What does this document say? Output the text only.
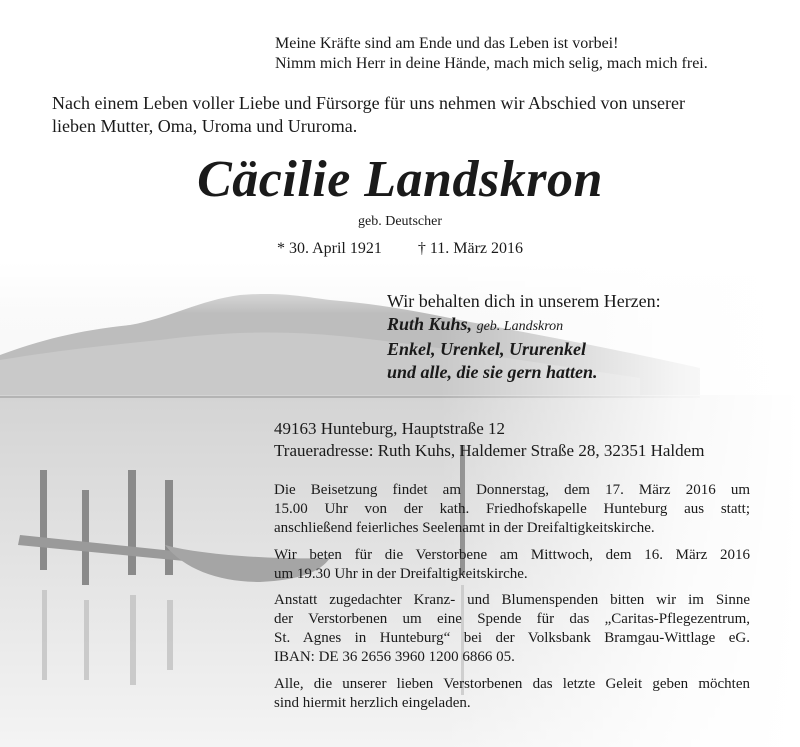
Meine Kräfte sind am Ende und das Leben ist vorbei!
Nimm mich Herr in deine Hände, mach mich selig, mach mich frei.

Nach einem Leben voller Liebe und Fürsorge für uns nehmen wir Abschied von unserer
lieben Mutter, Oma, Uroma und Ururoma.

Cäcilie Landskron
geb. Deutscher
* 30. April 1921 † 11. März 2016
Wir behalten dich in unserem Herzen:
Ruth Kuhs, geb. Landskron
Enkel, Urenkel, Ururenkel
und alle, die sie gern hatten.
49163 Hunteburg, Hauptstraße 12
Traueradresse: Ruth Kuhs, Haldemer Straße 28, 32351 Haldem
Die Beisetzung findet am Donnerstag, dem 17. März 2016 um
15.00 Uhr von der kath. Friedhofskapelle Hunteburg aus statt;
anschließend feierliches Seelenamt in der Dreifaltigkeitskirche.
Wir beten für die Verstorbene am Mittwoch, dem 16. März 2016
um 19.30 Uhr in der Dreifaltigkeitskirche.
Anstatt zugedachter Kranz- und Blumenspenden bitten wir im Sinne
der Verstorbenen um eine Spende für das „Caritas-Pflegezentrum,
St. Agnes in Hunteburg“ bei der Volksbank Bramgau-Wittlage eG.
IBAN: DE 36 2656 3960 1200 6866 05.
Alle, die unserer lieben Verstorbenen das letzte Geleit geben möchten
sind hiermit herzlich eingeladen.
